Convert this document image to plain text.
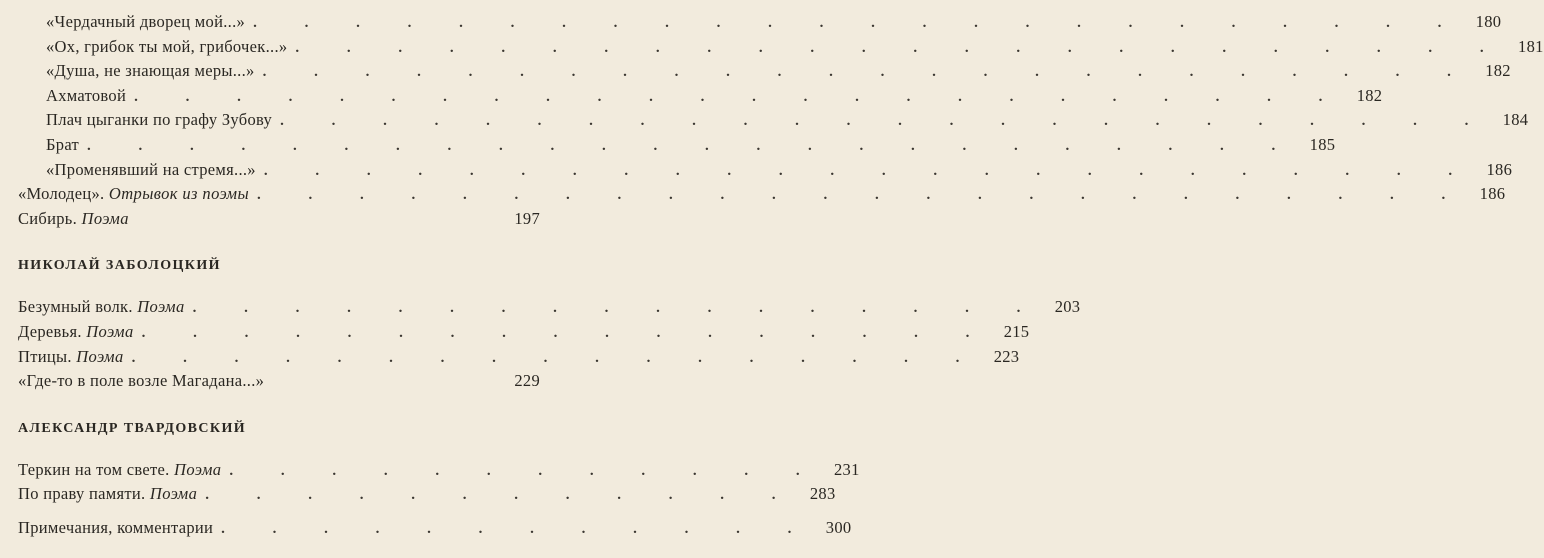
«Чердачный дворец мой...» . . . . . . . . . . . . . . . . . . . . . . . . 180
«Ох, грибок ты мой, грибочек...» . . . . . . . . . . . . . . . . . . . . . . . . 181
«Душа, не знающая меры...» . . . . . . . . . . . . . . . . . . . . . . . . 182
Ахматовой . . . . . . . . . . . . . . . . . . . . . . . . 182
Плач цыганки по графу Зубову . . . . . . . . . . . . . . . . . . . . . . . . 184
Брат . . . . . . . . . . . . . . . . . . . . . . . . 185
«Променявший на стремя...» . . . . . . . . . . . . . . . . . . . . . . . . 186
«Молодец». Отрывок из поэмы . . . . . . . . . . . . . . . . . . . . . . . . 186
Сибирь. Поэма	197
НИКОЛАЙ ЗАБОЛОЦКИЙ
Безумный волк. Поэма . . . . . . . . . . . . . . . . . 203
Деревья. Поэма . . . . . . . . . . . . . . . . . 215
Птицы. Поэма . . . . . . . . . . . . . . . . . 223
«Где-то в поле возле Магадана...»	229
АЛЕКСАНДР ТВАРДОВСКИЙ
Теркин на том свете. Поэма . . . . . . . . . . . . 231
По праву памяти. Поэма . . . . . . . . . . . . 283
Примечания, комментарии . . . . . . . . . . . . 300
